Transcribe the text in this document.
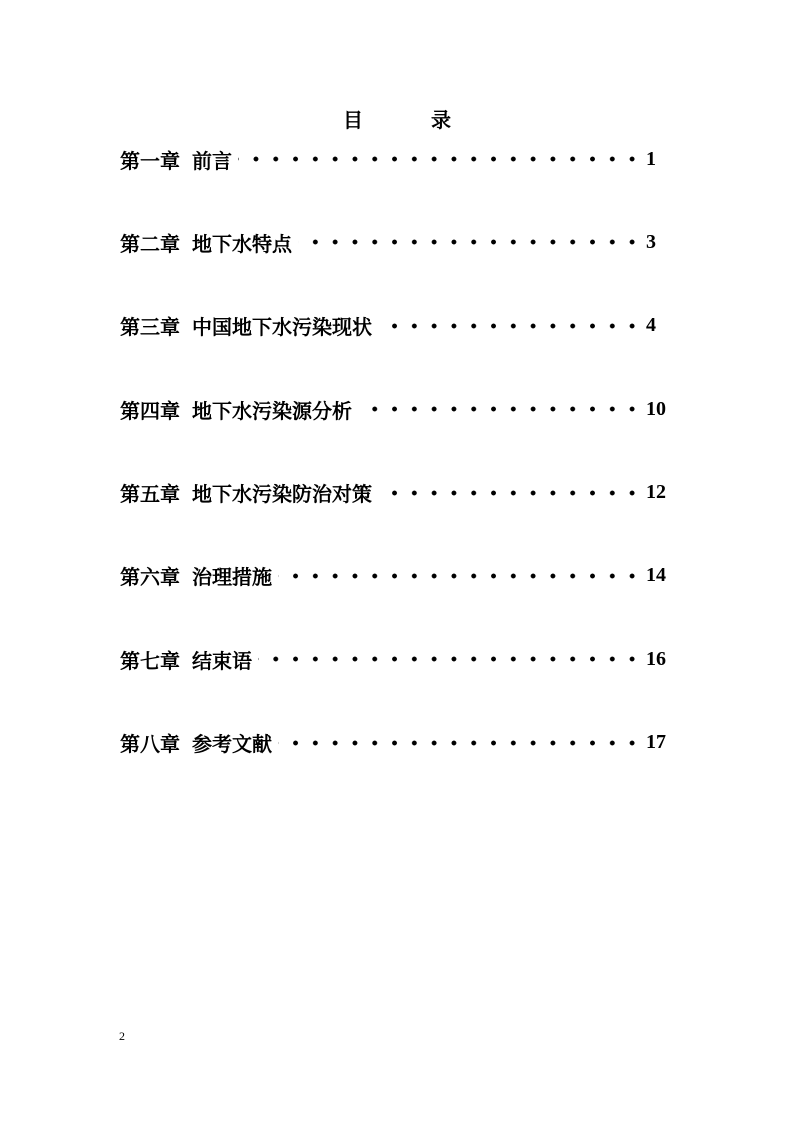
目	录
第一章 前言	1
第二章 地下水特点	3
第三章 中国地下水污染现状	4
第四章 地下水污染源分析	10
第五章 地下水污染防治对策	12
第六章 治理措施	14
第七章 结束语	16
第八章 参考文献	17
2
